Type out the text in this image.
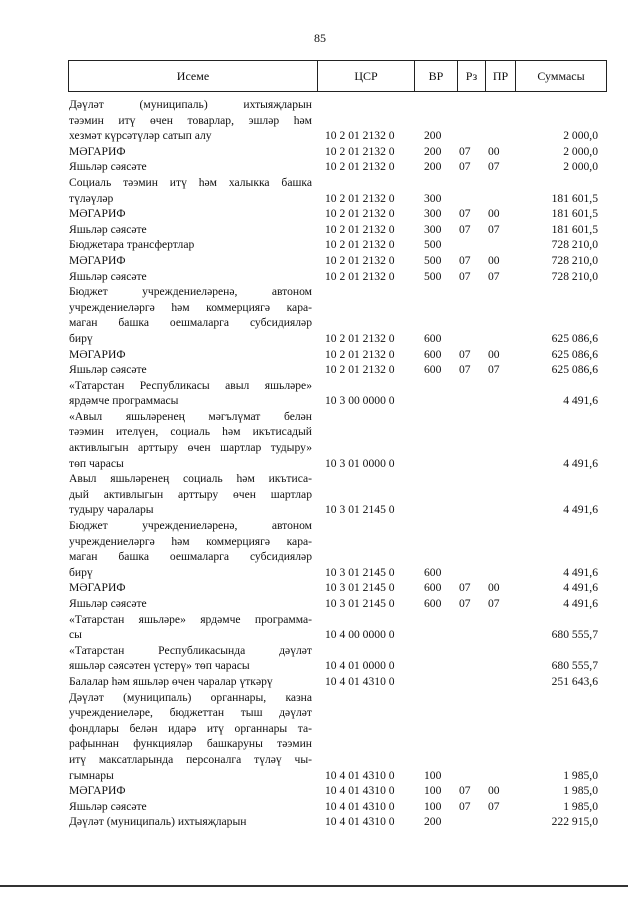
85
Исеме	ЦСР	ВР	Рз	ПР	Суммасы
Дәүләт (муниципаль) ихтыяҗларын
тәэмин итү өчен товарлар, эшләр һәм
хезмәт күрсәтүләр сатып алу	10 2 01 2132 0	200	2 000,0
МӘГАРИФ	10 2 01 2132 0	200 07 00	2 000,0
Яшьләр сәясәте	10 2 01 2132 0	200 07 07	2 000,0
Социаль тәэмин итү һәм халыкка башка
түләүләр	10 2 01 2132 0	300	181 601,5
МӘГАРИФ	10 2 01 2132 0	300 07 00	181 601,5
Яшьләр сәясәте	10 2 01 2132 0	300 07 07	181 601,5
Бюджетара трансфертлар	10 2 01 2132 0	500	728 210,0
МӘГАРИФ	10 2 01 2132 0	500 07 00	728 210,0
Яшьләр сәясәте	10 2 01 2132 0	500 07 07	728 210,0
Бюджет учреждениеләренә, автоном
учреждениеләргә һәм коммерциягә кара-
маган башка оешмаларга субсидияләр
бирү	10 2 01 2132 0	600	625 086,6
МӘГАРИФ	10 2 01 2132 0	600 07 00	625 086,6
Яшьләр сәясәте	10 2 01 2132 0	600 07 07	625 086,6
«Татарстан Республикасы авыл яшьләре»
ярдәмче программасы	10 3 00 0000 0	4 491,6
«Авыл яшьләренең мәгълүмат белән
тәэмин ителүен, социаль һәм икътисадый
активлыгын арттыру өчен шартлар тудыру»
төп чарасы	10 3 01 0000 0	4 491,6
Авыл яшьләренең социаль һәм икътиса-
дый активлыгын арттыру өчен шартлар
тудыру чаралары	10 3 01 2145 0	4 491,6
Бюджет учреждениеләренә, автоном
учреждениеләргә һәм коммерциягә кара-
маган башка оешмаларга субсидияләр
бирү	10 3 01 2145 0	600	4 491,6
МӘГАРИФ	10 3 01 2145 0	600 07 00	4 491,6
Яшьләр сәясәте	10 3 01 2145 0	600 07 07	4 491,6
«Татарстан яшьләре» ярдәмче программа-
сы	10 4 00 0000 0	680 555,7
«Татарстан Республикасында дәүләт
яшьләр сәясәтен үстерү» төп чарасы	10 4 01 0000 0	680 555,7
Балалар һәм яшьләр өчен чаралар үткәрү	10 4 01 4310 0	251 643,6
Дәүләт (муниципаль) органнары, казна
учреждениеләре, бюджеттан тыш дәүләт
фондлары белән идарә итү органнары та-
рафыннан функцияләр башкаруны тәэмин
итү максатларында персоналга түләү чы-
гымнары	10 4 01 4310 0	100	1 985,0
МӘГАРИФ	10 4 01 4310 0	100 07 00	1 985,0
Яшьләр сәясәте	10 4 01 4310 0	100 07 07	1 985,0
Дәүләт (муниципаль) ихтыяҗларын	10 4 01 4310 0	200	222 915,0
